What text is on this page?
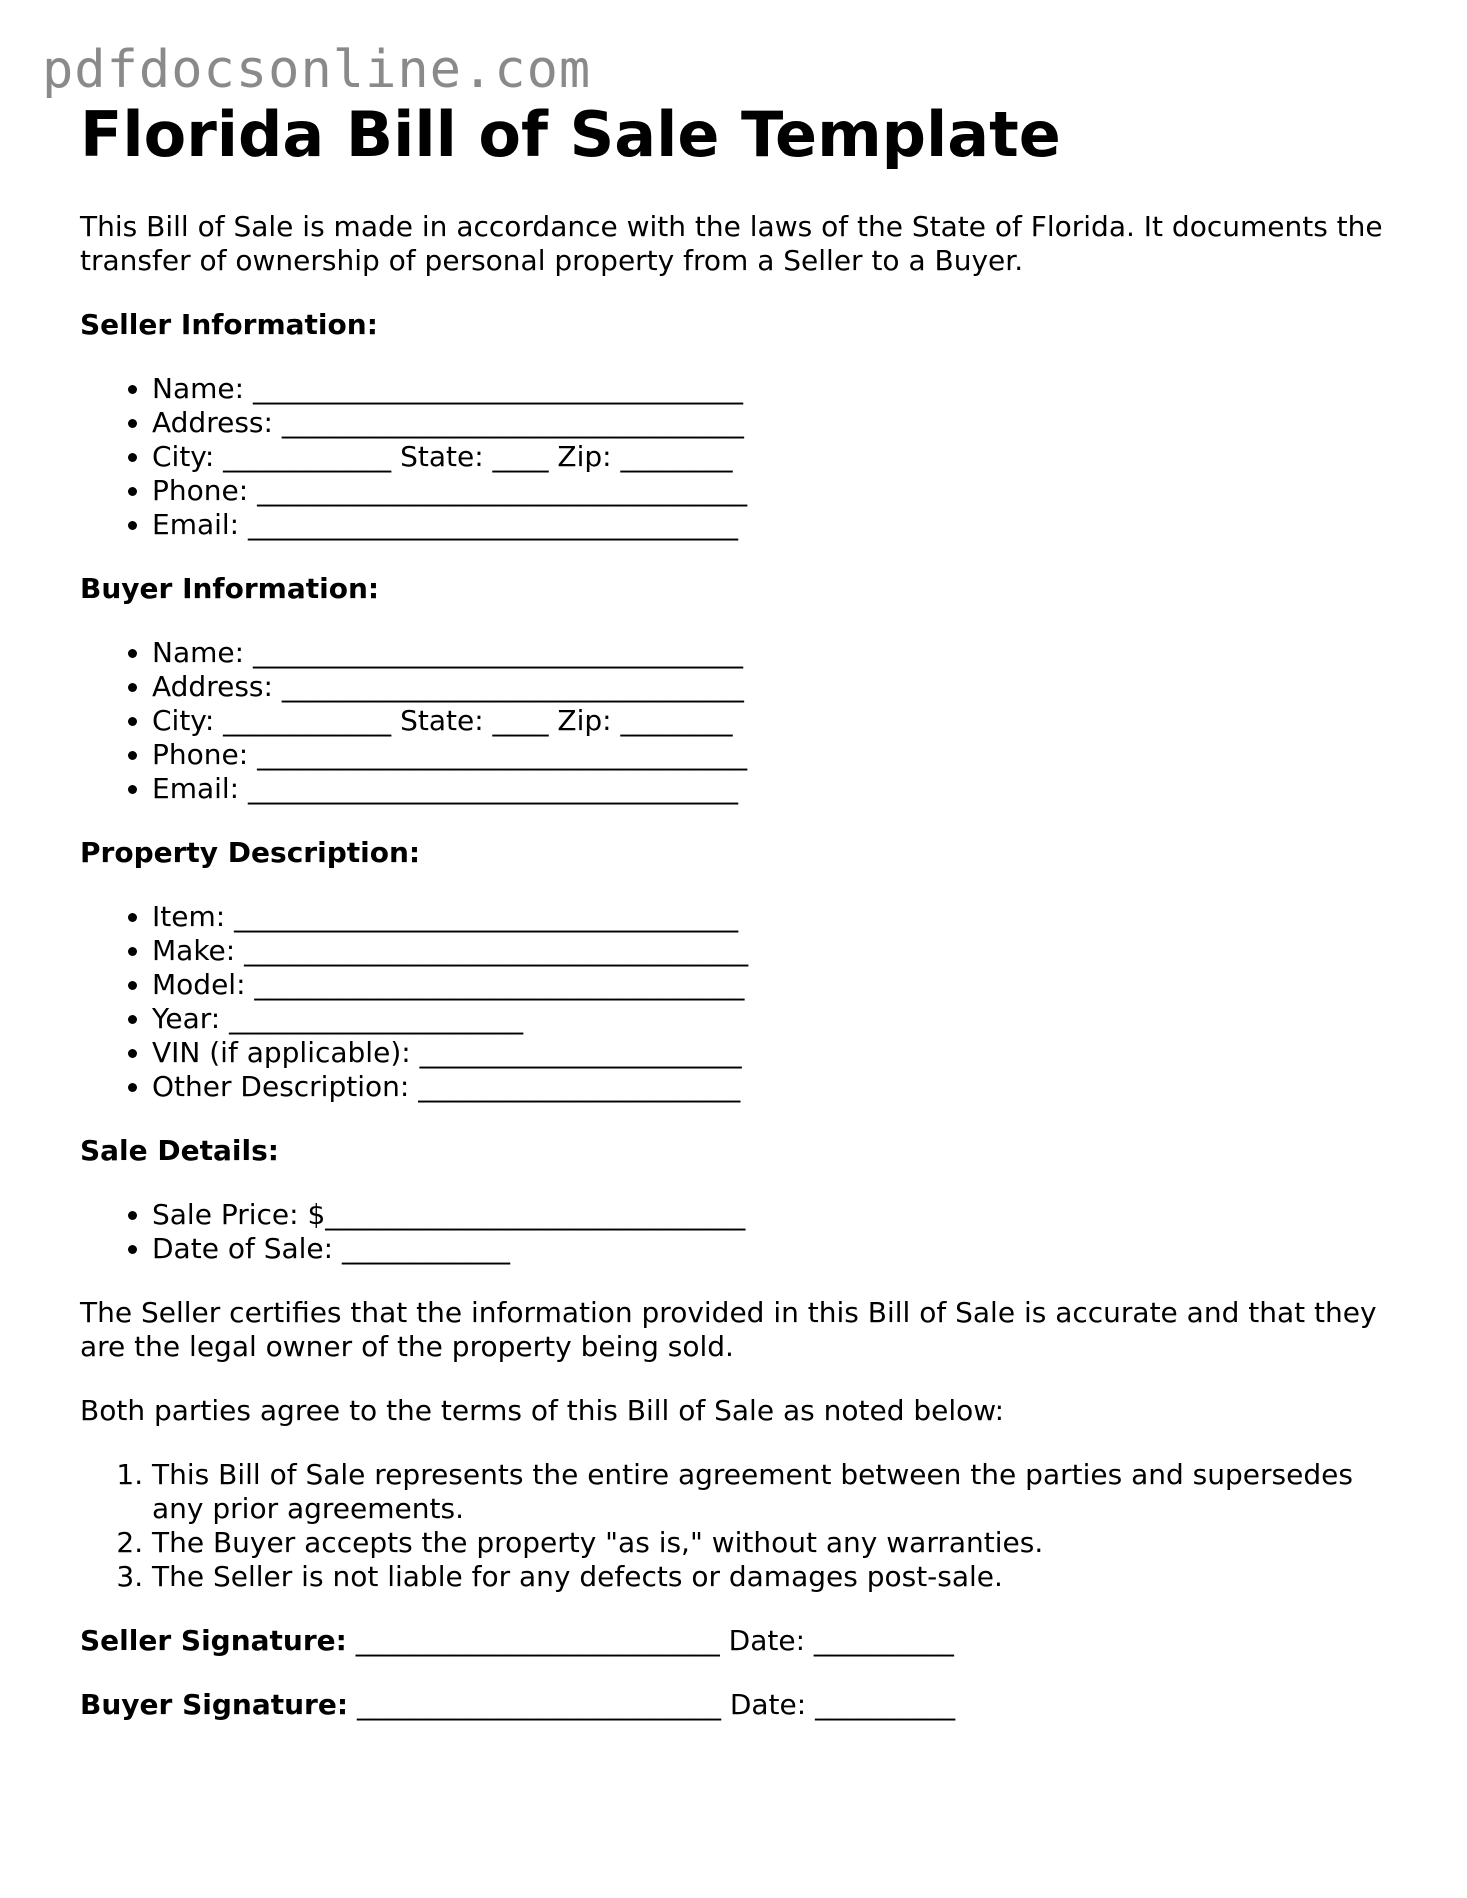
pdfdocsonline.com
Florida Bill of Sale Template

This Bill of Sale is made in accordance with the laws of the State of Florida. It documents the transfer of ownership of personal property from a Seller to a Buyer.

Seller Information:

• Name: ___________________________________
• Address: _________________________________
• City: ____________ State: ____ Zip: ________
• Phone: ___________________________________
• Email: ___________________________________

Buyer Information:

• Name: ___________________________________
• Address: _________________________________
• City: ____________ State: ____ Zip: ________
• Phone: ___________________________________
• Email: ___________________________________

Property Description:

• Item: ____________________________________
• Make: ____________________________________
• Model: ___________________________________
• Year: _____________________
• VIN (if applicable): _______________________
• Other Description: _______________________

Sale Details:

• Sale Price: $______________________________
• Date of Sale: ____________

The Seller certifies that the information provided in this Bill of Sale is accurate and that they are the legal owner of the property being sold.

Both parties agree to the terms of this Bill of Sale as noted below:

1. This Bill of Sale represents the entire agreement between the parties and supersedes any prior agreements.
2. The Buyer accepts the property "as is," without any warranties.
3. The Seller is not liable for any defects or damages post-sale.
Seller Signature: __________________________ Date: __________
Buyer Signature: __________________________ Date: __________
